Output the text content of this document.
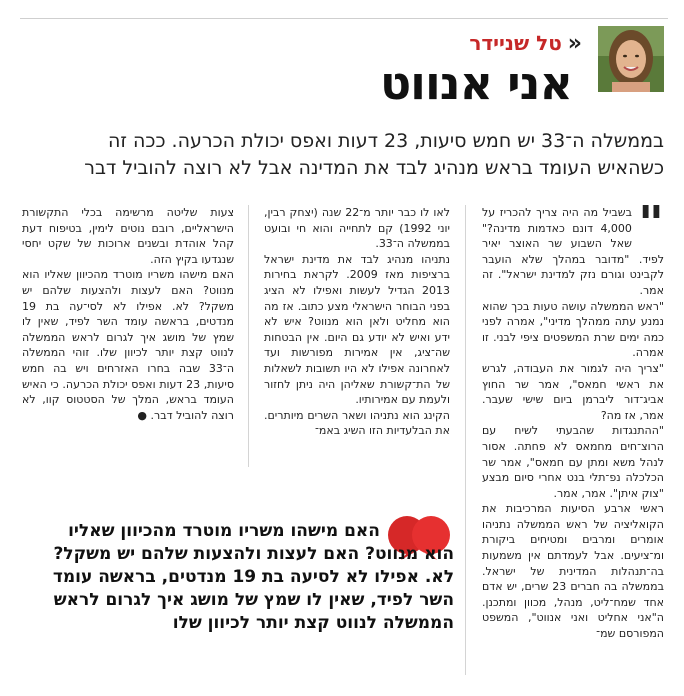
«טל שניידר
אני אנווט
בממשלה ה־33 יש חמש סיעות, 23 דעות ואפס יכולת הכרעה. ככה זה
כשהאיש העומד בראש מנהיג לבד את המדינה אבל לא רוצה להוביל דבר
"

בשביל מה היה צריך להכריז על 4,000 דונם כאדמות מדינה?" שאל השבוע שר האוצר יאיר לפיד. "מדובר במהלך שלא הועבר לקבינט וגורם נזק למדינת ישראל". זה אמר.

"ראש הממשלה עושה טעות בכך שהוא נמנע עתה ממהלך מדיני", אמרה לפני כמה ימים שרת המשפטים ציפי לבני. זו אמרה.

"צריך היה לגמור את העבודה, לגרש את ראשי חמאס", אמר שר החוץ אביג־דור ליברמן ביום שישי שעבר. אמר, אז מה?

"ההתנגדות שהבעתי לשיח עם הרוצ־חים מחמאס לא פחתה. אסור לנהל משא ומתן עם חמאס", אמר שר הכלכלה נפ־תלי בנט אחרי סיום מבצע "צוק איתן". אמר, אמר.

ראשי ארבע הסיעות המרכיבות את הקואליציה של ראש הממשלה נתניהו אומרים ומרבים ומטיחים ביקורת ומ־ציעים. אבל לעמדתם אין משמעות בה־תנהלות המדינית של ישראל. בממשלה בה חברים 23 שרים, יש אדם אחד שמח־ליט, מנהל, מכוון ומתכנן. ה"אני אחליט ואני אנווט", המשפט המפורסם שמ־

לאו לו כבר יותר מ־22 שנה (יצחק רבין, יוני 1992) קם לתחייה והוא חי ובועט בממשלה ה־33.

נתניהו מנהיג לבד את מדינת ישראל ברציפות מאז 2009. לקראת בחירות 2013 הגדיל לעשות ואפילו לא הציג בפני הבוחר הישראלי מצע כתוב. אז מה הוא מחליט ולאן הוא מנווט? איש לא ידע ואיש לא יודע גם היום. אין הבטחות שה־ציג, אין אמירות מפורשות ועד לאחרונה אפילו לא היו תשובות לשאלות של הת־קשורת שאליהן היה ניתן לחזור ולעמת עם אמירותיו.

הקינג הוא נתניהו ושאר השרים מיותרים. את הבלעדיות הזו השיג באמ־

צעות שליטה מרשימה בכלי התקשורת הישראליים, רובם נוטים לימין, בטיפוח דעת קהל אוהדת ובשנים ארוכות של שקט יחסי שנגדעו בקיץ הזה.

האם מישהו משריו מוטרד מהכיוון שאליו הוא מנווט? האם לעצות ולהצעות שלהם יש משקל? לא. אפילו לא לסי־עה בת 19 מנדטים, בראשה עומד השר לפיד, שאין לו שמץ של מושג איך לגרום לראש הממשלה לנווט קצת יותר לכיוון שלו. זוהי הממשלה ה־33 שבה בחרו האזרחים ויש בה חמש סיעות, 23 דעות ואפס יכולת הכרעה. כי האיש העומד בראש, המלך של הסטטוס קוו, לא רוצה להוביל דבר. ●

האם מישהו משריו מוטרד מהכיוון שאליו
הוא מנווט? האם לעצות ולהצעות שלהם יש משקל?
לא. אפילו לא לסיעה בת 19 מנדטים, בראשה עומד
השר לפיד, שאין לו שמץ של מושג איך לגרום לראש
הממשלה לנווט קצת יותר לכיוון שלו
